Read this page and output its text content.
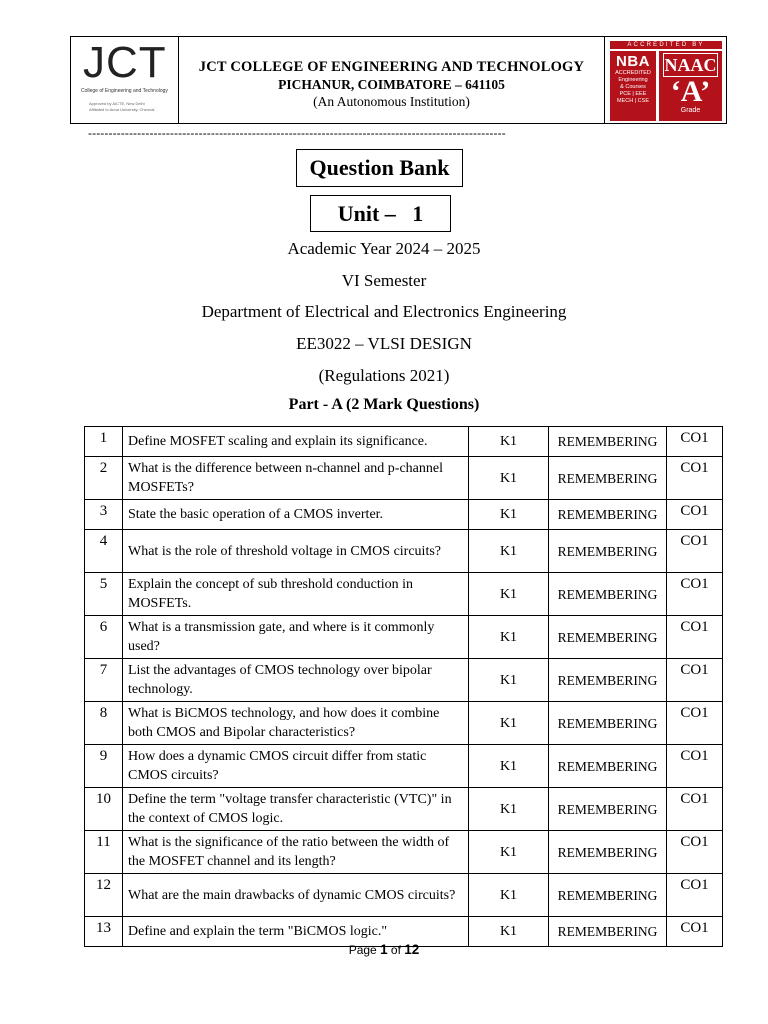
JCT
College of Engineering and Technology
Approved by AICTE, New Delhi
Affiliated to Anna University, Chennai
JCT COLLEGE OF ENGINEERING AND TECHNOLOGY
PICHANUR, COIMBATORE – 641105
(An Autonomous Institution)
ACCREDITED BY
NBA
ACCREDITED
Engineering
& Courses
PCE | EEE
MECH | CSE
NAAC
‘A’
Grade
------------------------------------------------------------------------------------------------------
Question Bank
Unit –   1
Academic Year 2024 – 2025
VI Semester
Department of Electrical and Electronics Engineering
EE3022 – VLSI DESIGN
(Regulations 2021)
Part - A (2 Mark Questions)
1	Define MOSFET scaling and explain its significance.	K1	REMEMBERING	CO1
2	What is the difference between n-channel and p-channel MOSFETs?	K1	REMEMBERING	CO1
3	State the basic operation of a CMOS inverter.	K1	REMEMBERING	CO1
4	What is the role of threshold voltage in CMOS circuits?	K1	REMEMBERING	CO1
5	Explain the concept of sub threshold conduction in MOSFETs.	K1	REMEMBERING	CO1
6	What is a transmission gate, and where is it commonly used?	K1	REMEMBERING	CO1
7	List the advantages of CMOS technology over bipolar technology.	K1	REMEMBERING	CO1
8	What is BiCMOS technology, and how does it combine both CMOS and Bipolar characteristics?	K1	REMEMBERING	CO1
9	How does a dynamic CMOS circuit differ from static CMOS circuits?	K1	REMEMBERING	CO1
10	Define the term "voltage transfer characteristic (VTC)" in the context of CMOS logic.	K1	REMEMBERING	CO1
11	What is the significance of the ratio between the width of the MOSFET channel and its length?	K1	REMEMBERING	CO1
12	What are the main drawbacks of dynamic CMOS circuits?	K1	REMEMBERING	CO1
13	Define and explain the term "BiCMOS logic."	K1	REMEMBERING	CO1
Page 1 of 12
